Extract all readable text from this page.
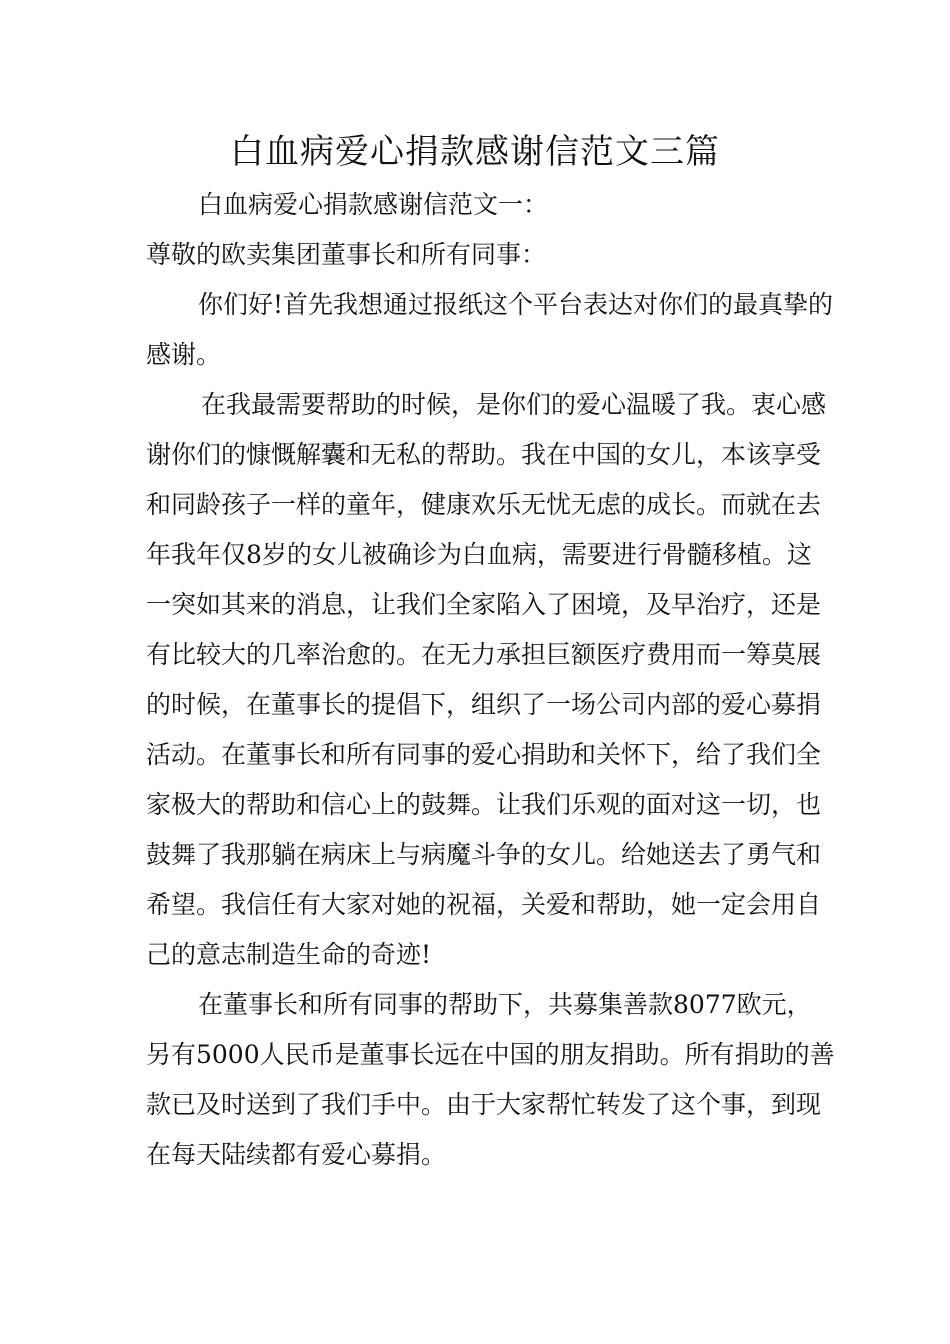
白血病爱心捐款感谢信范文三篇

白血病爱心捐款感谢信范文一：

尊敬的欧卖集团董事长和所有同事：

你们好!首先我想通过报纸这个平台表达对你们的最真挚的感谢。

在我最需要帮助的时候，是你们的爱心温暖了我。衷心感谢你们的慷慨解囊和无私的帮助。我在中国的女儿，本该享受和同龄孩子一样的童年，健康欢乐无忧无虑的成长。而就在去年我年仅8岁的女儿被确诊为白血病，需要进行骨髓移植。这一突如其来的消息，让我们全家陷入了困境，及早治疗，还是有比较大的几率治愈的。在无力承担巨额医疗费用而一筹莫展的时候，在董事长的提倡下，组织了一场公司内部的爱心募捐活动。在董事长和所有同事的爱心捐助和关怀下，给了我们全家极大的帮助和信心上的鼓舞。让我们乐观的面对这一切，也鼓舞了我那躺在病床上与病魔斗争的女儿。给她送去了勇气和希望。我信任有大家对她的祝福，关爱和帮助，她一定会用自己的意志制造生命的奇迹!

在董事长和所有同事的帮助下，共募集善款8077欧元，另有5000人民币是董事长远在中国的朋友捐助。所有捐助的善款已及时送到了我们手中。由于大家帮忙转发了这个事，到现在每天陆续都有爱心募捐。
